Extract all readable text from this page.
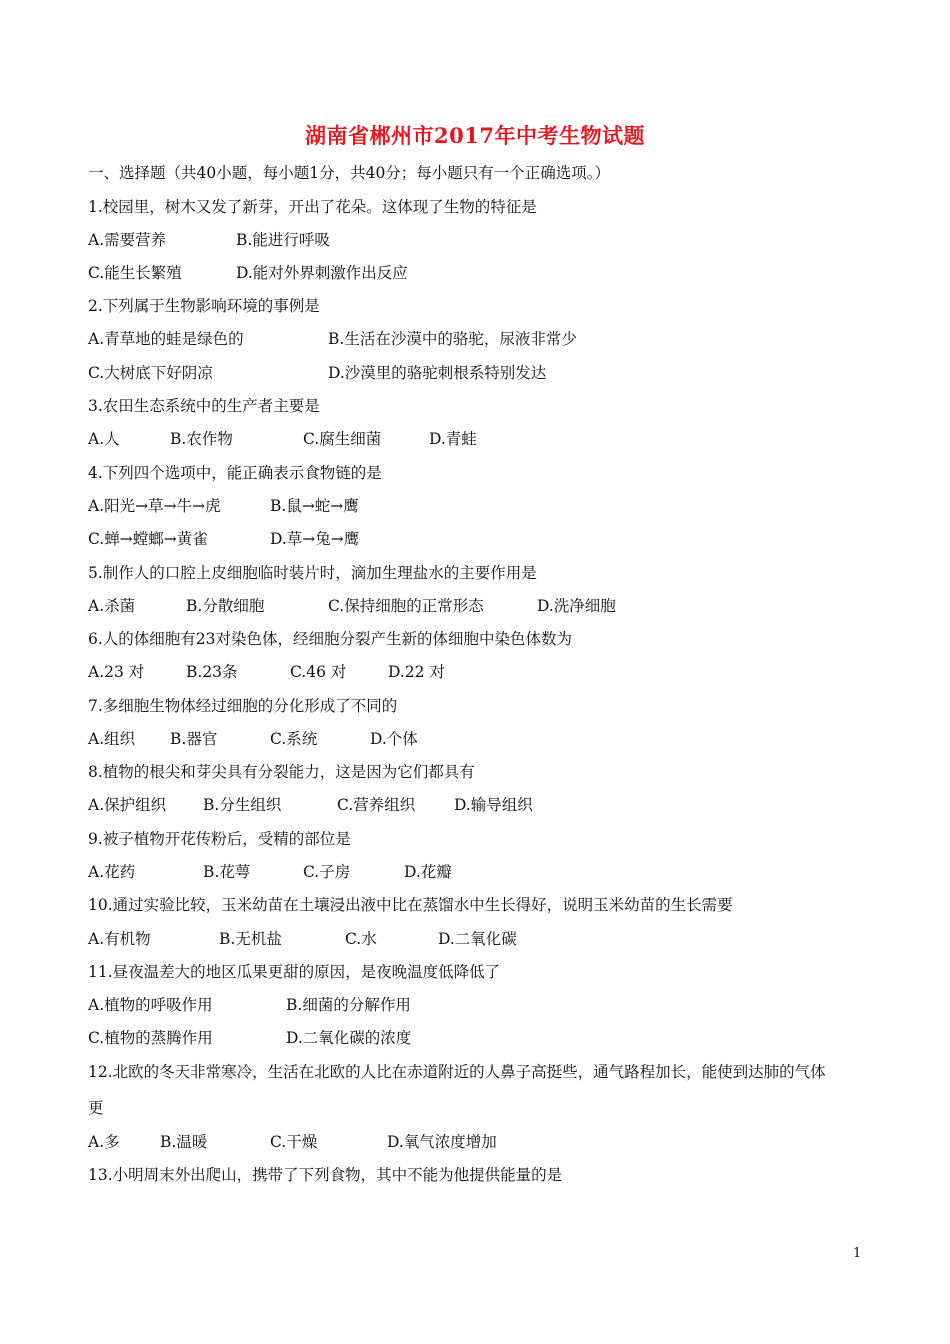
湖南省郴州市2017年中考生物试题
一、选择题（共40小题，每小题1分，共40分；每小题只有一个正确选项。）
1.校园里，树木又发了新芽，开出了花朵。这体现了生物的特征是
A.需要营养	B.能进行呼吸
C.能生长繁殖	D.能对外界刺激作出反应
2.下列属于生物影响环境的事例是
A.青草地的蛙是绿色的	B.生活在沙漠中的骆驼，尿液非常少
C.大树底下好阴凉	D.沙漠里的骆驼刺根系特别发达
3.农田生态系统中的生产者主要是
A.人	B.农作物	C.腐生细菌	D.青蛙
4.下列四个选项中，能正确表示食物链的是
A.阳光→草→牛→虎	B.鼠→蛇→鹰
C.蝉→螳螂→黄雀	D.草→兔→鹰
5.制作人的口腔上皮细胞临时装片时，滴加生理盐水的主要作用是
A.杀菌	B.分散细胞	C.保持细胞的正常形态	D.洗净细胞
6.人的体细胞有23对染色体，经细胞分裂产生新的体细胞中染色体数为
A.23 对	B.23条	C.46 对	D.22 对
7.多细胞生物体经过细胞的分化形成了不同的
A.组织 B.器官	C.系统	D.个体
8.植物的根尖和芽尖具有分裂能力，这是因为它们都具有
A.保护组织 B.分生组织	C.营养组织	D.输导组织
9.被子植物开花传粉后，受精的部位是
A.花药	B.花萼	C.子房	D.花瓣
10.通过实验比较，玉米幼苗在土壤浸出液中比在蒸馏水中生长得好，说明玉米幼苗的生长需要
A.有机物	B.无机盐	C.水	D.二氧化碳
11.昼夜温差大的地区瓜果更甜的原因，是夜晚温度低降低了
A.植物的呼吸作用	B.细菌的分解作用
C.植物的蒸腾作用	D.二氧化碳的浓度
12.北欧的冬天非常寒冷，生活在北欧的人比在赤道附近的人鼻子高挺些，通气路程加长，能使到达肺的气体
更
A.多	B.温暖	C.干燥	D.氧气浓度增加
13.小明周末外出爬山，携带了下列食物，其中不能为他提供能量的是
1
